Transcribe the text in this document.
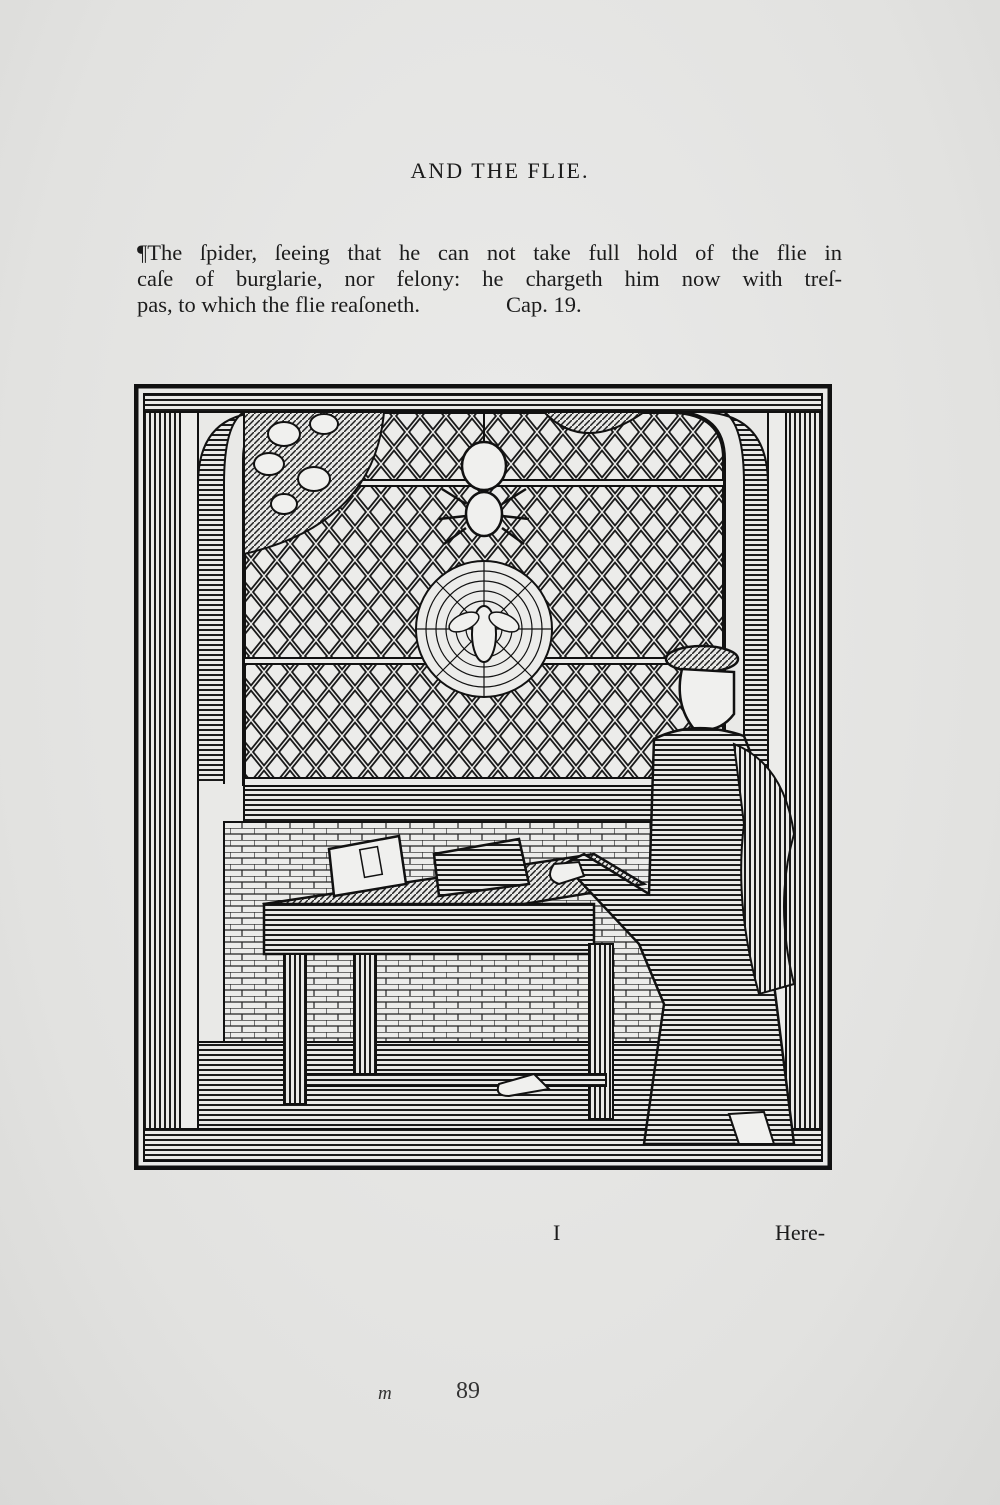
AND THE FLIE.
¶The ſpider, ſeeing that he can not take full hold of the flie in
caſe of burglarie, nor felony: he chargeth him now with treſ-
pas, to which the flie reaſoneth.	Cap. 19.
I	Here-
m	89
